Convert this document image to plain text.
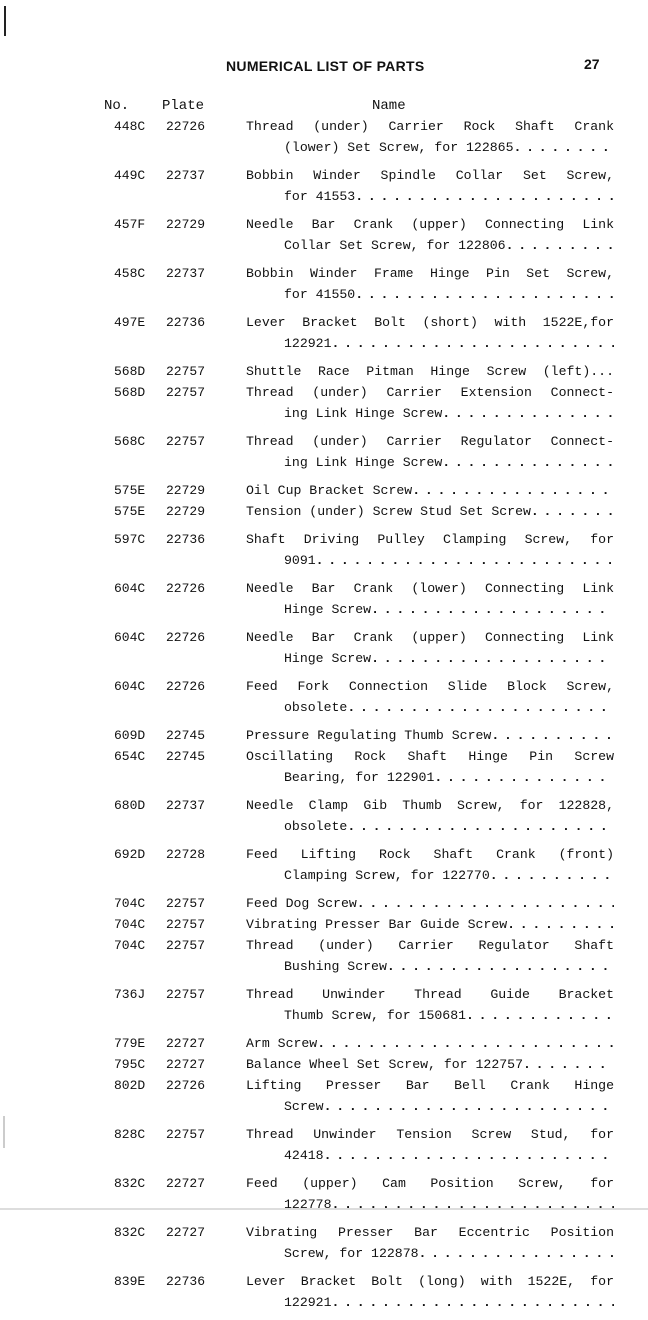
NUMERICAL LIST OF PARTS	27
No. Plate	Name
448C 22726	Thread (under) Carrier Rock Shaft Crank
(lower) Set Screw, for 122865
. . .
449C 22737	Bobbin Winder Spindle Collar Set Screw,
for 41553
. . .
457F 22729	Needle Bar Crank (upper) Connecting Link
Collar Set Screw, for 122806
. . .
458C 22737	Bobbin Winder Frame Hinge Pin Set Screw,
for 41550
. . .
497E 22736	Lever Bracket Bolt (short) with 1522E,for
122921
. . .
568D 22757	Shuttle Race Pitman Hinge Screw (left)...
568D 22757	Thread (under) Carrier Extension Connect-
ing Link Hinge Screw
. . .
568C 22757	Thread (under) Carrier Regulator Connect-
ing Link Hinge Screw
. . .
575E 22729	Oil Cup Bracket Screw
. . .
575E 22729	Tension (under) Screw Stud Set Screw
. . .
597C 22736	Shaft Driving Pulley Clamping Screw, for
9091
. . .
604C 22726	Needle Bar Crank (lower) Connecting Link
Hinge Screw
. . .
604C 22726	Needle Bar Crank (upper) Connecting Link
Hinge Screw
. . .
604C 22726	Feed Fork Connection Slide Block Screw,
obsolete
. . .
609D 22745	Pressure Regulating Thumb Screw
. . .
654C 22745	Oscillating Rock Shaft Hinge Pin Screw
Bearing, for 122901
. . .
680D 22737	Needle Clamp Gib Thumb Screw, for 122828,
obsolete
. . .
692D 22728	Feed Lifting Rock Shaft Crank (front)
Clamping Screw, for 122770
. . .
704C 22757	Feed Dog Screw
. . .
704C 22757	Vibrating Presser Bar Guide Screw
. . .
704C 22757	Thread (under) Carrier Regulator Shaft
Bushing Screw
. . .
736J 22757	Thread Unwinder Thread Guide Bracket
Thumb Screw, for 150681
. . .
779E 22727	Arm Screw
. . .
795C 22727	Balance Wheel Set Screw, for 122757
. . .
802D 22726	Lifting Presser Bar Bell Crank Hinge
Screw
. . .
828C 22757	Thread Unwinder Tension Screw Stud, for
42418
. . .
832C 22727	Feed (upper) Cam Position Screw, for
122778
. . .
832C 22727	Vibrating Presser Bar Eccentric Position
Screw, for 122878
. . .
839E 22736	Lever Bracket Bolt (long) with 1522E, for
122921
. . .
